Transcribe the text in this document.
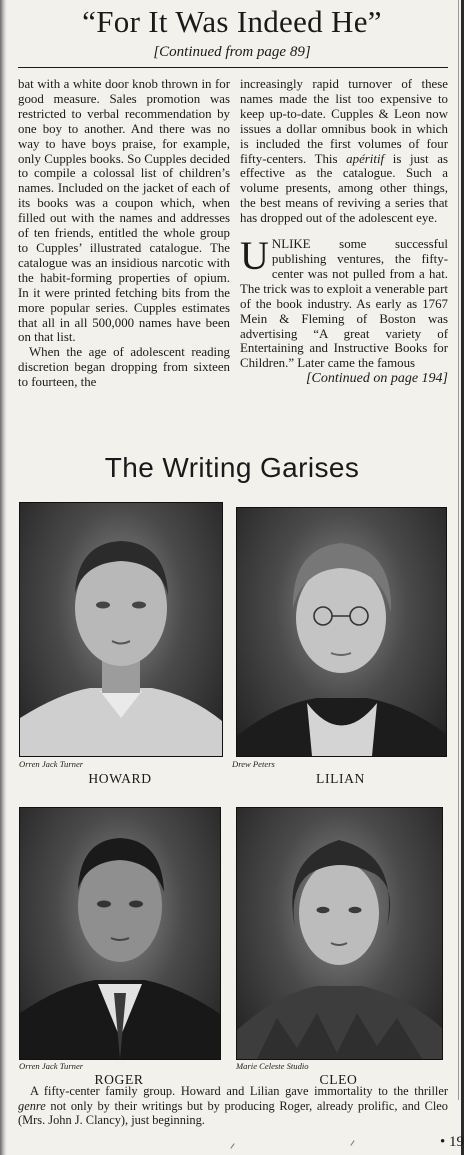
“For It Was Indeed He”
[Continued from page 89]

bat with a white door knob thrown in for good measure. Sales promotion was restricted to verbal recommendation by one boy to another. And there was no way to have boys praise, for example, only Cupples books. So Cupples decided to compile a colossal list of children’s names. Included on the jacket of each of its books was a coupon which, when filled out with the names and addresses of ten friends, entitled the whole group to Cupples’ illustrated catalogue. The catalogue was an insidious narcotic with the habit-forming properties of opium. In it were printed fetching bits from the more popular series. Cupples estimates that all in all 500,000 names have been on that list.

When the age of adolescent reading discretion began dropping from sixteen to fourteen, the

increasingly rapid turnover of these names made the list too expensive to keep up-to-date. Cupples & Leon now issues a dollar omnibus book in which is included the first volumes of four fifty-centers. This apéritif is just as effective as the catalogue. Such a volume presents, among other things, the best means of reviving a series that has dropped out of the adolescent eye.

UNLIKE some successful publishing ventures, the fifty-center was not pulled from a hat. The trick was to exploit a venerable part of the book industry. As early as 1767 Mein & Fleming of Boston was advertising “A great variety of Entertaining and Instructive Books for Children.” Later came the famous

[Continued on page 194]
The Writing Garises
Orren Jack Turner
HOWARD
Drew Peters
LILIAN
Orren Jack Turner
ROGER
Marie Celeste Studio
CLEO
A fifty-center family group. Howard and Lilian gave immortality to the thriller genre not only by their writings but by producing Roger, already prolific, and Cleo (Mrs. John J. Clancy), just beginning.
• 19
